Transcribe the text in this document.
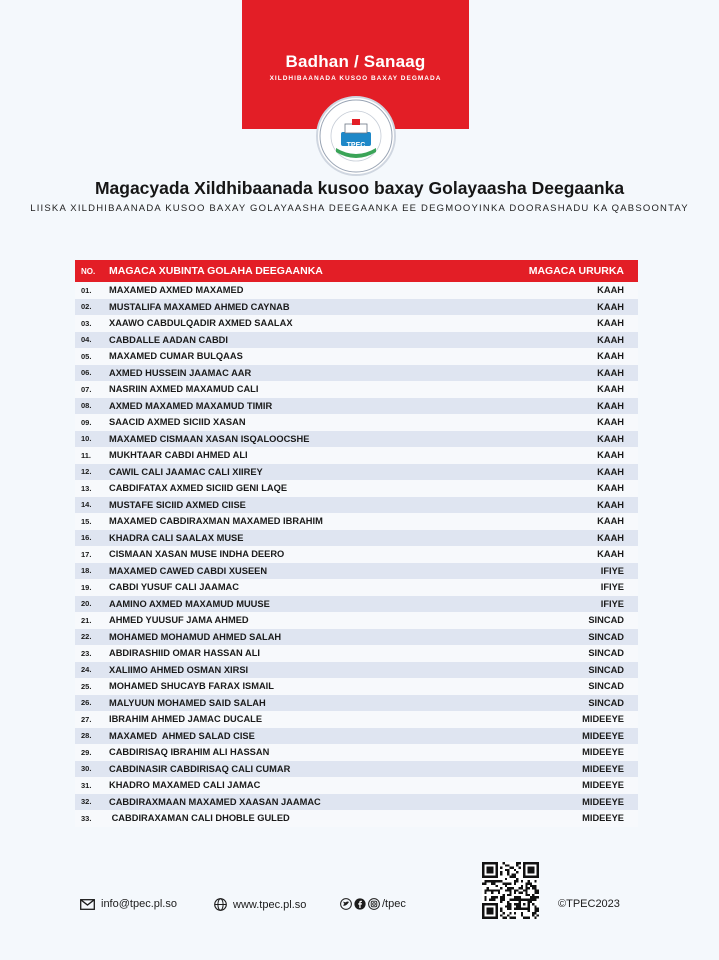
Badhan / Sanaag
XILDHIBAANADA KUSOO BAXAY DEGMADA
TPEC
Magacyada Xildhibaanada kusoo baxay Golayaasha Deegaanka
LIISKA XILDHIBAANADA KUSOO BAXAY GOLAYAASHA DEEGAANKA EE DEGMOOYINKA DOORASHADU KA QABSOONTAY
NO.	MAGACA XUBINTA GOLAHA DEEGAANKA	MAGACA URURKA
01.	MAXAMED AXMED MAXAMED	KAAH
02.	MUSTALIFA MAXAMED AHMED CAYNAB	KAAH
03.	XAAWO CABDULQADIR AXMED SAALAX	KAAH
04.	CABDALLE AADAN CABDI	KAAH
05.	MAXAMED CUMAR BULQAAS	KAAH
06.	AXMED HUSSEIN JAAMAC AAR	KAAH
07.	NASRIIN AXMED MAXAMUD CALI	KAAH
08.	AXMED MAXAMED MAXAMUD TIMIR	KAAH
09.	SAACID AXMED SICIID XASAN	KAAH
10.	MAXAMED CISMAAN XASAN ISQALOOCSHE	KAAH
11.	MUKHTAAR CABDI AHMED ALI	KAAH
12.	CAWIL CALI JAAMAC CALI XIIREY	KAAH
13.	CABDIFATAX AXMED SICIID GENI LAQE	KAAH
14.	MUSTAFE SICIID AXMED CIISE	KAAH
15.	MAXAMED CABDIRAXMAN MAXAMED IBRAHIM	KAAH
16.	KHADRA CALI SAALAX MUSE	KAAH
17.	CISMAAN XASAN MUSE INDHA DEERO	KAAH
18.	MAXAMED CAWED CABDI XUSEEN	IFIYE
19.	CABDI YUSUF CALI JAAMAC	IFIYE
20.	AAMINO AXMED MAXAMUD MUUSE	IFIYE
21.	AHMED YUUSUF JAMA AHMED	SINCAD
22.	MOHAMED MOHAMUD AHMED SALAH	SINCAD
23.	ABDIRASHIID OMAR HASSAN ALI	SINCAD
24.	XALIIMO AHMED OSMAN XIRSI	SINCAD
25.	MOHAMED SHUCAYB FARAX ISMAIL	SINCAD
26.	MALYUUN MOHAMED SAID SALAH	SINCAD
27.	IBRAHIM AHMED JAMAC DUCALE	MIDEEYE
28.	MAXAMED  AHMED SALAD CISE	MIDEEYE
29.	CABDIRISAQ IBRAHIM ALI HASSAN	MIDEEYE
30.	CABDINASIR CABDIRISAQ CALI CUMAR	MIDEEYE
31.	KHADRO MAXAMED CALI JAMAC	MIDEEYE
32.	CABDIRAXMAAN MAXAMED XAASAN JAAMAC	MIDEEYE
33.	CABDIRAXAMAN CALI DHOBLE GULED	MIDEEYE
info@tpec.pl.so	www.tpec.pl.so	/tpec	©TPEC2023
